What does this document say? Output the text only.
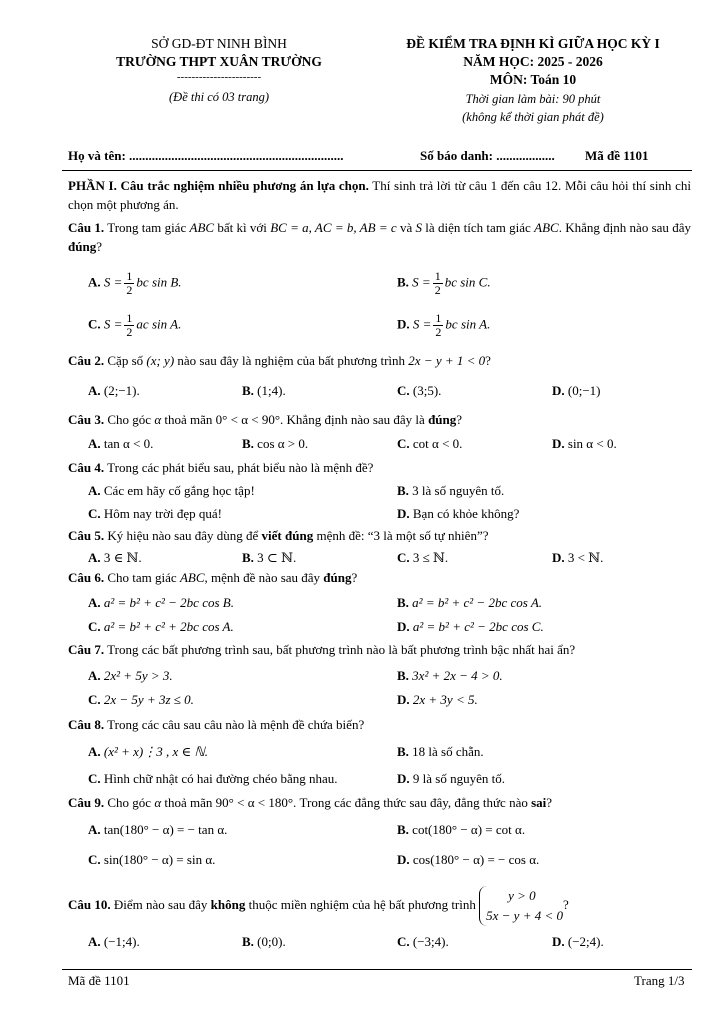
SỞ GD-ĐT NINH BÌNH
TRƯỜNG THPT XUÂN TRƯỜNG
-----------------------
(Đề thi có 03 trang)
ĐỀ KIỂM TRA ĐỊNH KÌ GIỮA HỌC KỲ I
NĂM HỌC: 2025 - 2026
MÔN: Toán 10
Thời gian làm bài: 90 phút
(không kể thời gian phát đề)
Họ và tên: ..................................................................	Số báo danh: .................. Mã đề 1101
PHẦN I. Câu trắc nghiệm nhiều phương án lựa chọn. Thí sinh trả lời từ câu 1 đến câu 12. Mỗi câu hỏi thí sinh chỉ chọn một phương án.
Câu 1. Trong tam giác ABC bất kì với BC = a, AC = b, AB = c và S là diện tích tam giác ABC. Khẳng định nào sau đây đúng?
A. $S = \frac{1}{2}$ bc sin B.	B. $S = \frac{1}{2}$ bc sin C.
C. $S = \frac{1}{2}$ ac sin A.	D. $S = \frac{1}{2}$ bc sin A.
Câu 2. Cặp số (x; y) nào sau đây là nghiệm của bất phương trình 2x − y + 1 < 0?
A. (2;−1).	B. (1;4).	C. (3;5).	D. (0;−1)
Câu 3. Cho góc α thoả mãn 0° < α < 90°. Khẳng định nào sau đây là đúng?
A. tan α < 0.	B. cos α > 0.	C. cot α < 0.	D. sin α < 0.
Câu 4. Trong các phát biểu sau, phát biểu nào là mệnh đề?
A. Các em hãy cố gắng học tập!	B. 3 là số nguyên tố.
C. Hôm nay trời đẹp quá!	D. Bạn có khỏe không?
Câu 5. Ký hiệu nào sau đây dùng để viết đúng mệnh đề: “3 là một số tự nhiên”?
A. 3 ∈ ℕ.	B. 3 ⊂ ℕ.	C. 3 ≤ ℕ.	D. 3 < ℕ.
Câu 6. Cho tam giác ABC, mệnh đề nào sau đây đúng?
A. a² = b² + c² − 2bc cos B.	B. a² = b² + c² − 2bc cos A.
C. a² = b² + c² + 2bc cos A.	D. a² = b² + c² − 2bc cos C.
Câu 7. Trong các bất phương trình sau, bất phương trình nào là bất phương trình bậc nhất hai ẩn?
A. 2x² + 5y > 3.	B. 3x² + 2x − 4 > 0.
C. 2x − 5y + 3z ≤ 0.	D. 2x + 3y < 5.
Câu 8. Trong các câu sau câu nào là mệnh đề chứa biến?
A. (x² + x)⋮3 , x ∈ ℕ.	B. 18 là số chẵn.
C. Hình chữ nhật có hai đường chéo bằng nhau.	D. 9 là số nguyên tố.
Câu 9. Cho góc α thoả mãn 90° < α < 180°. Trong các đẳng thức sau đây, đẳng thức nào sai?
A. tan(180° − α) = − tan α.	B. cot(180° − α) = cot α.
C. sin(180° − α) = sin α.	D. cos(180° − α) = − cos α.
Câu 10. Điểm nào sau đây không thuộc miền nghiệm của hệ bất phương trình
y > 0
5x − y + 4 < 0
?
A. (−1;4).	B. (0;0).	C. (−3;4).	D. (−2;4).
Mã đề 1101	Trang 1/3
